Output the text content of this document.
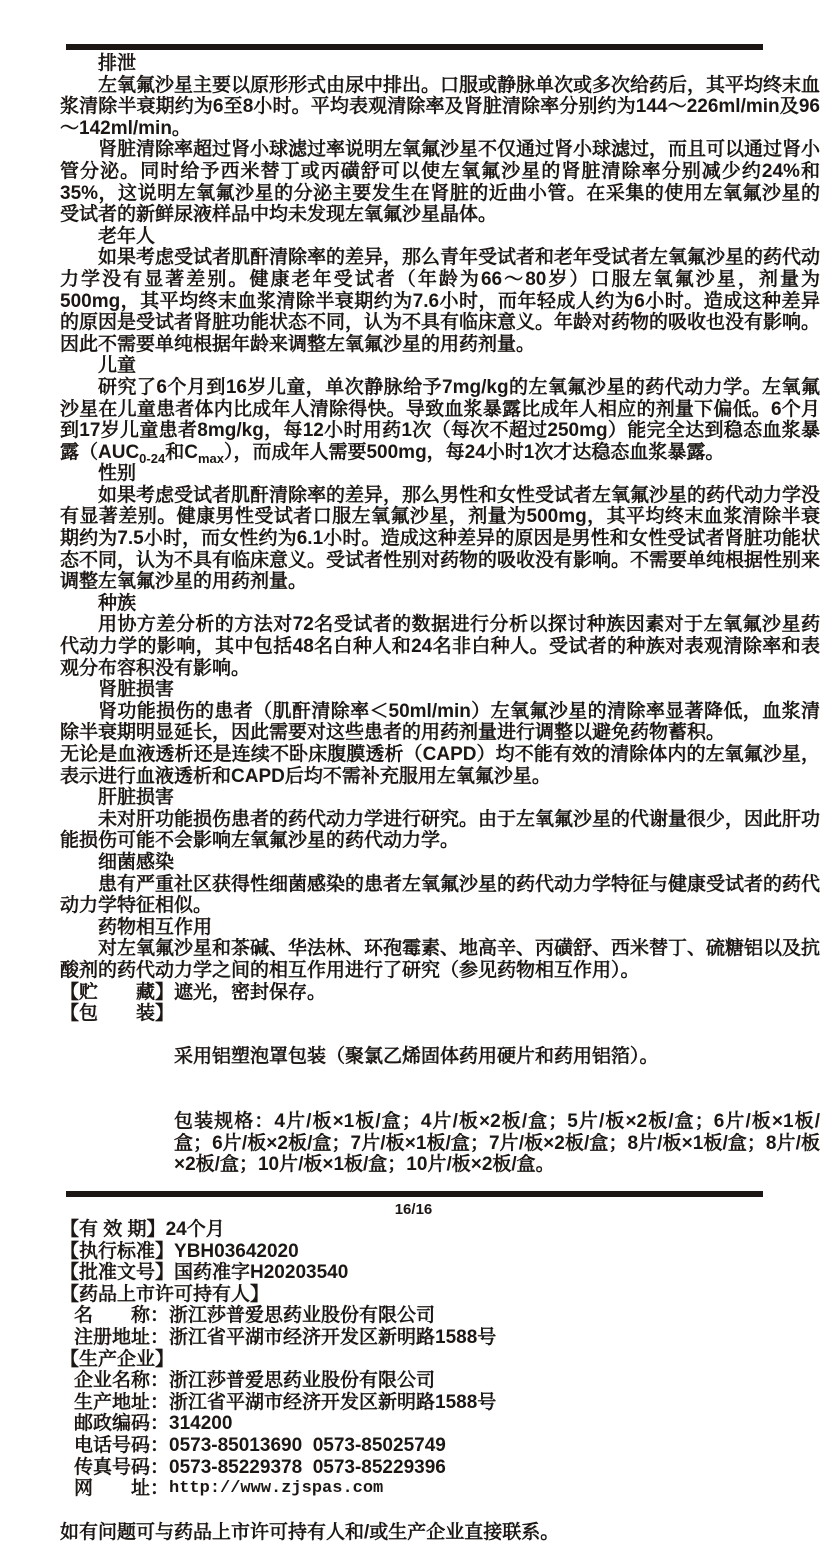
排泄

左氧氟沙星主要以原形形式由尿中排出。口服或静脉单次或多次给药后，其平均终末血浆清除半衰期约为6至8小时。平均表观清除率及肾脏清除率分别约为144～226ml/min及96～142ml/min。

肾脏清除率超过肾小球滤过率说明左氧氟沙星不仅通过肾小球滤过，而且可以通过肾小管分泌。同时给予西米替丁或丙磺舒可以使左氧氟沙星的肾脏清除率分别减少约24%和35%，这说明左氧氟沙星的分泌主要发生在肾脏的近曲小管。在采集的使用左氧氟沙星的受试者的新鲜尿液样品中均未发现左氧氟沙星晶体。

老年人

如果考虑受试者肌酐清除率的差异，那么青年受试者和老年受试者左氧氟沙星的药代动力学没有显著差别。健康老年受试者（年龄为66～80岁）口服左氧氟沙星，剂量为500mg，其平均终末血浆清除半衰期约为7.6小时，而年轻成人约为6小时。造成这种差异的原因是受试者肾脏功能状态不同，认为不具有临床意义。年龄对药物的吸收也没有影响。因此不需要单纯根据年龄来调整左氧氟沙星的用药剂量。

儿童

研究了6个月到16岁儿童，单次静脉给予7mg/kg的左氧氟沙星的药代动力学。左氧氟沙星在儿童患者体内比成年人清除得快。导致血浆暴露比成年人相应的剂量下偏低。6个月到17岁儿童患者8mg/kg，每12小时用药1次（每次不超过250mg）能完全达到稳态血浆暴露（$AUC_{0-24}$和$C_{max}$），而成年人需要500mg，每24小时1次才达稳态血浆暴露。

性别

如果考虑受试者肌酐清除率的差异，那么男性和女性受试者左氧氟沙星的药代动力学没有显著差别。健康男性受试者口服左氧氟沙星，剂量为500mg，其平均终末血浆清除半衰期约为7.5小时，而女性约为6.1小时。造成这种差异的原因是男性和女性受试者肾脏功能状态不同，认为不具有临床意义。受试者性别对药物的吸收没有影响。不需要单纯根据性别来调整左氧氟沙星的用药剂量。

种族

用协方差分析的方法对72名受试者的数据进行分析以探讨种族因素对于左氧氟沙星药代动力学的影响，其中包括48名白种人和24名非白种人。受试者的种族对表观清除率和表观分布容积没有影响。

肾脏损害

肾功能损伤的患者（肌酐清除率＜50ml/min）左氧氟沙星的清除率显著降低，血浆清除半衰期明显延长，因此需要对这些患者的用药剂量进行调整以避免药物蓄积。

无论是血液透析还是连续不卧床腹膜透析（CAPD）均不能有效的清除体内的左氧氟沙星，表示进行血液透析和CAPD后均不需补充服用左氧氟沙星。

肝脏损害

未对肝功能损伤患者的药代动力学进行研究。由于左氧氟沙星的代谢量很少，因此肝功能损伤可能不会影响左氧氟沙星的药代动力学。

细菌感染

患有严重社区获得性细菌感染的患者左氧氟沙星的药代动力学特征与健康受试者的药代动力学特征相似。

药物相互作用

对左氧氟沙星和茶碱、华法林、环孢霉素、地高辛、丙磺舒、西米替丁、硫糖铝以及抗酸剂的药代动力学之间的相互作用进行了研究（参见药物相互作用）。

【贮　　藏】 遮光，密封保存。
【包　　装】

采用铝塑泡罩包装（聚氯乙烯固体药用硬片和药用铝箔）。

包装规格：4片/板×1板/盒；4片/板×2板/盒；5片/板×2板/盒；6片/板×1板/盒；6片/板×2板/盒；7片/板×1板/盒；7片/板×2板/盒；8片/板×1板/盒；8片/板×2板/盒；10片/板×1板/盒；10片/板×2板/盒。

【有 效 期】 24个月
【执行标准】 YBH03642020
【批准文号】 国药准字H20203540
【药品上市许可持有人】
名　　称： 浙江莎普爱思药业股份有限公司
注册地址： 浙江省平湖市经济开发区新明路1588号
【生产企业】
企业名称： 浙江莎普爱思药业股份有限公司
生产地址： 浙江省平湖市经济开发区新明路1588号
邮政编码： 314200
电话号码： 0573-85013690  0573-85025749
传真号码： 0573-85229378  0573-85229396
网　　址： http://www.zjspas.com
如有问题可与药品上市许可持有人和/或生产企业直接联系。
16/16
